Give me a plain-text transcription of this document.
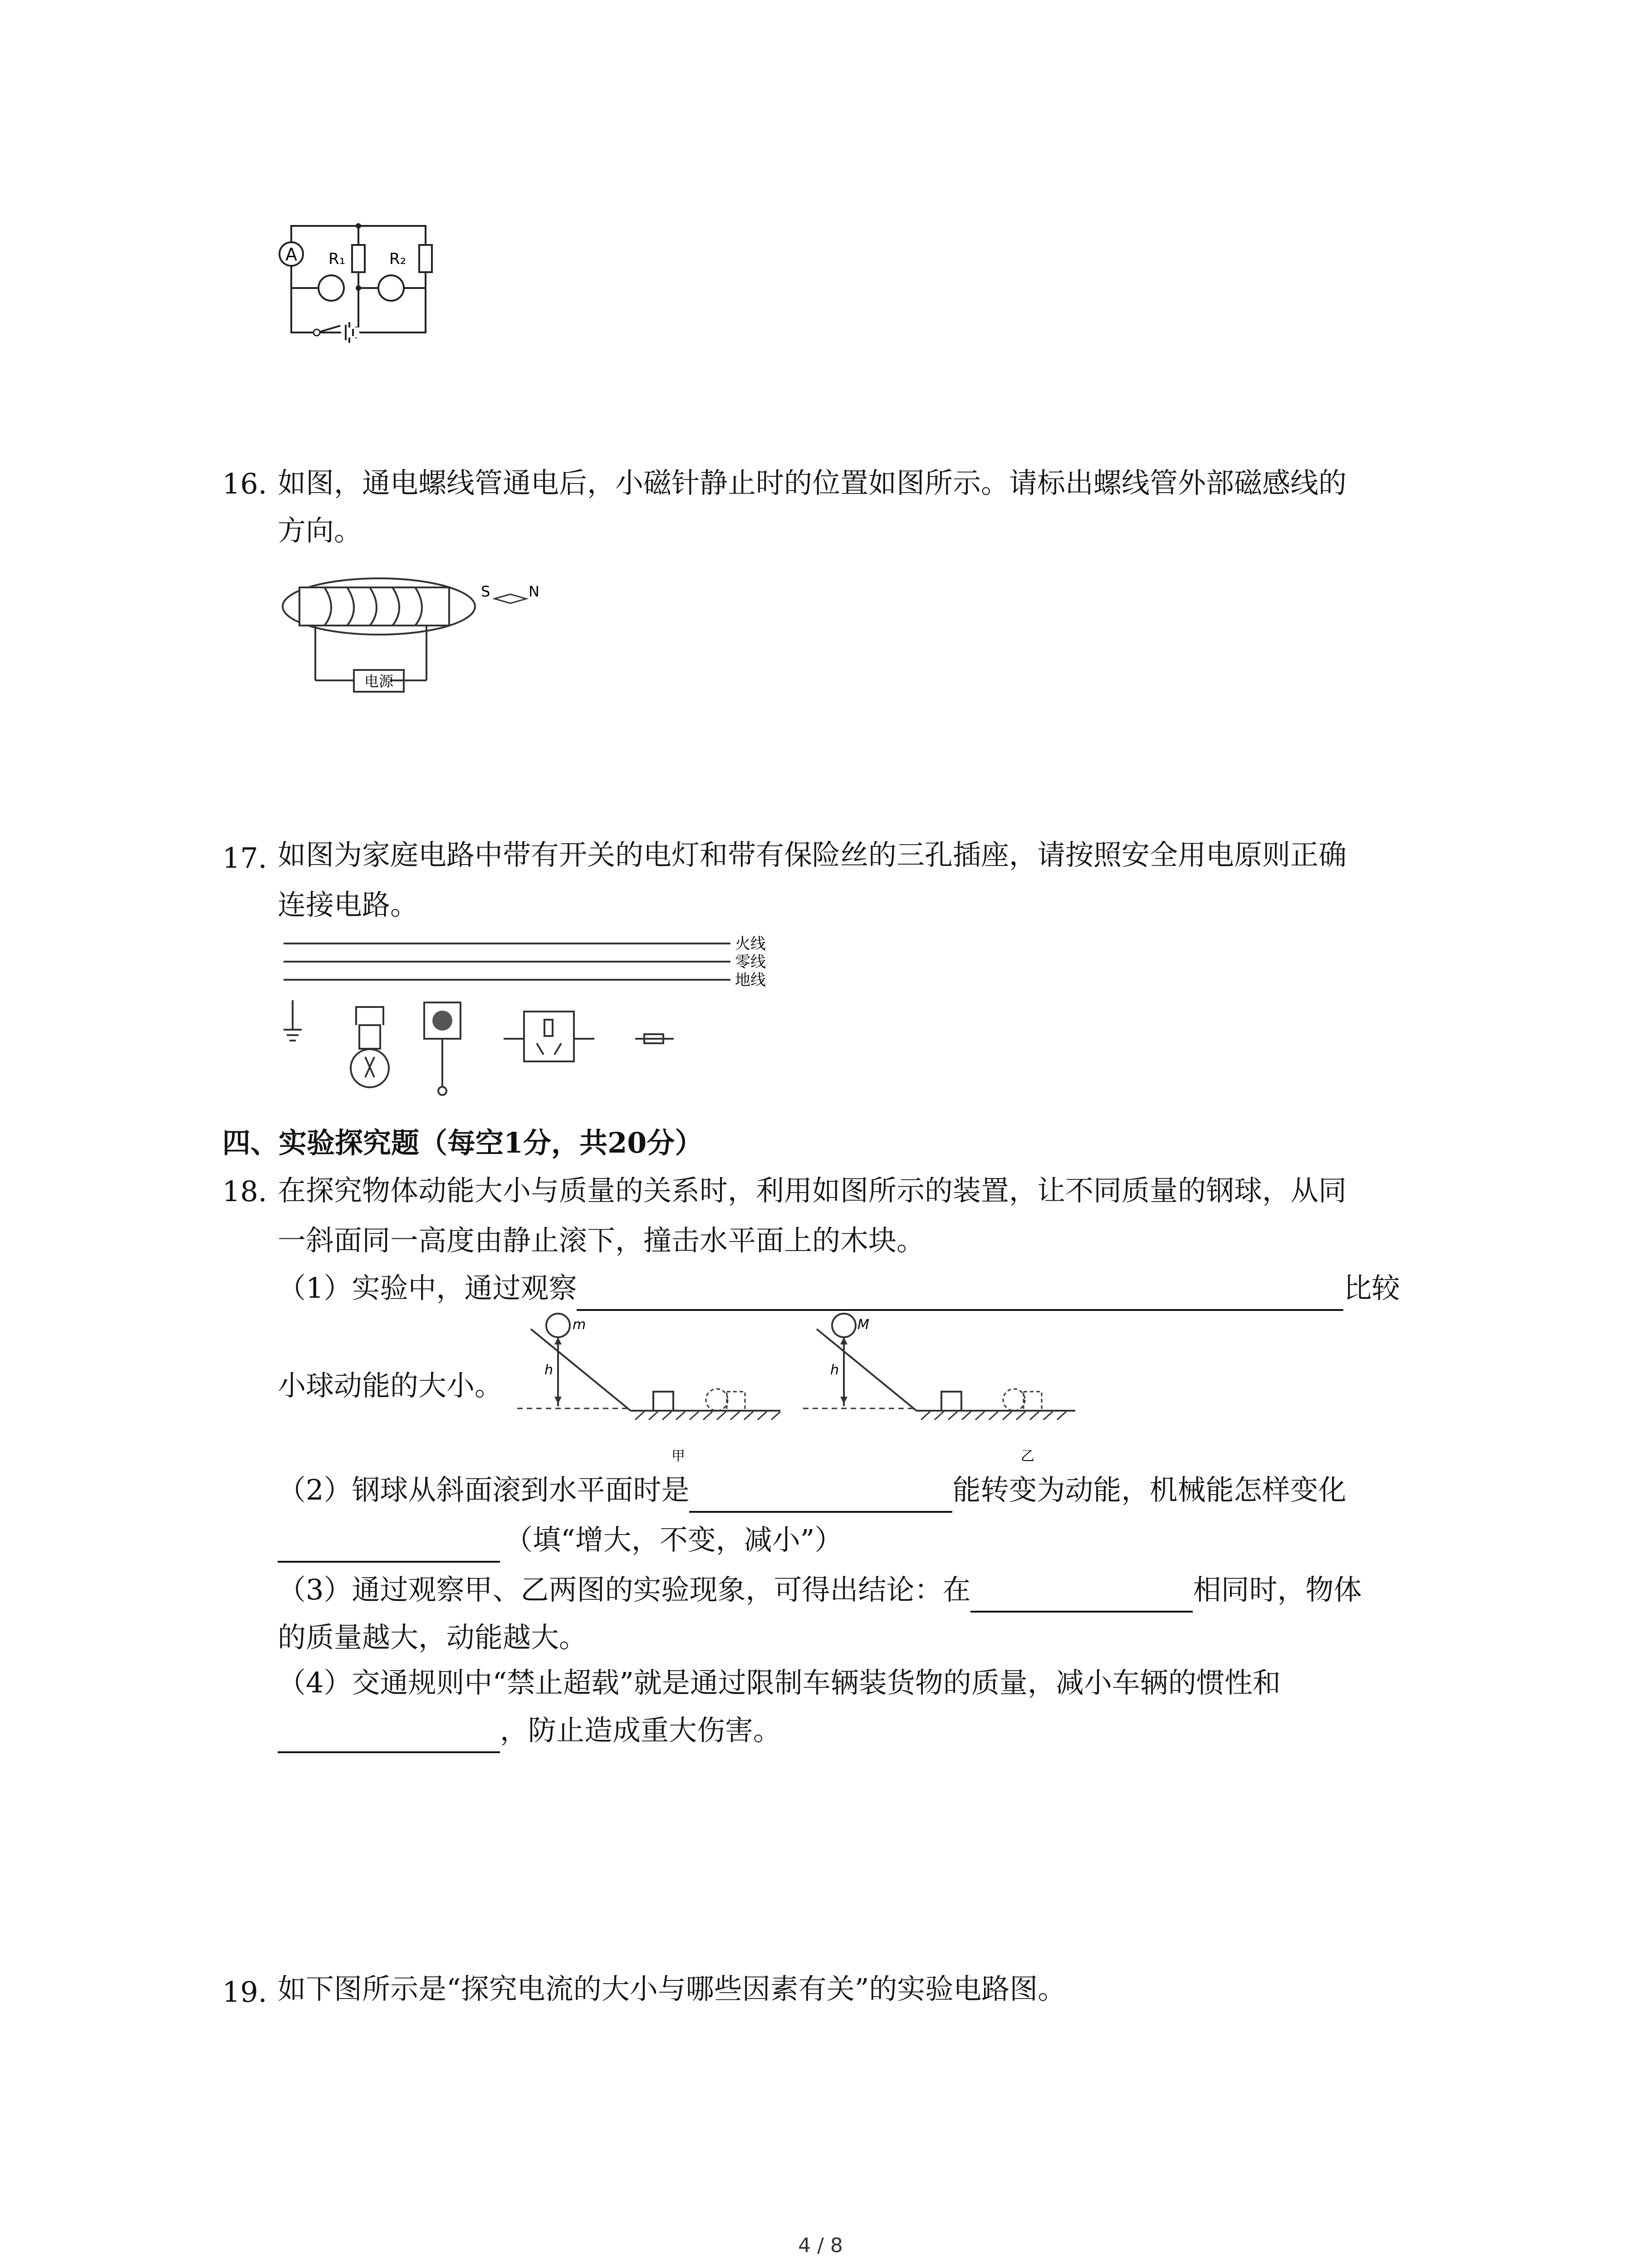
A R₁	R₂
16. 如图，通电螺线管通电后，小磁针静止时的位置如图所示。请标出螺线管外部磁感线的
方向。
S	N
电源
17. 如图为家庭电路中带有开关的电灯和带有保险丝的三孔插座，请按照安全用电原则正确
连接电路。
火线
零线
地线
四、实验探究题（每空1分，共20分）
18. 在探究物体动能大小与质量的关系时，利用如图所示的装置，让不同质量的钢球，从同
一斜面同一高度由静止滚下，撞击水平面上的木块。
（1）实验中，通过观察	比较
小球动能的大小。
m
h
甲
M
h
乙
（2）钢球从斜面滚到水平面时是	能转变为动能，机械能怎样变化
（填“增大，不变，减小”）
（3）通过观察甲、乙两图的实验现象，可得出结论：在	相同时，物体
的质量越大，动能越大。
（4）交通规则中“禁止超载”就是通过限制车辆装货物的质量，减小车辆的惯性和
，防止造成重大伤害。
19. 如下图所示是“探究电流的大小与哪些因素有关”的实验电路图。
4 / 8
